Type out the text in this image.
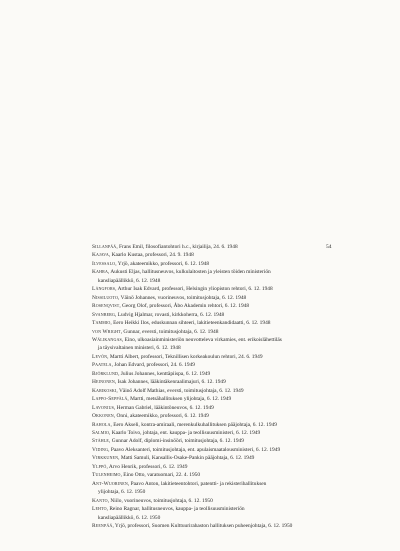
54
Sillanpää, Frans Emil, filosofiantohtori h.c., kirjailija, 24. 6. 1948
Kajava, Kaarlo Kustaa, professori, 24. 9. 1948
Ilvessalo, Yrjö, akateemikko, professori, 6. 12. 1948
Kahra, Aukusti Eljas, hallitusneuvos, kulkulaitosten ja yleisten töiden ministeriön
kansliapäällikkö, 6. 12. 1948
Långfors, Arthur Isak Edvard, professori, Helsingin yliopiston rehtori, 6. 12. 1948
Nissiluoto, Väinö Johannes, vuorineuvos, toimitusjohtaja, 6. 12. 1948
Rosenqvist, Georg Olof, professori, Åbo Akademin rehtori, 6. 12. 1948
Svanberg, Ludvig Hjalmar, rovasti, kirkkoherra, 6. 12. 1948
Tammio, Eero Heikki Ilos, eduskunnan sihteeri, lakitieteenkandidaatti, 6. 12. 1948
von Wright, Gunnar, eversti, toimitusjohtaja, 6. 12. 1948
Wälikangas, Eino, ulkoasiainministeriön neuvotteleva virkamies, ent. erikoislähettiläs
ja täysivaltainen ministeri, 6. 12. 1948
Levón, Martti Albert, professori, Teknillisen korkeakoulun rehtori, 24. 6. 1949
Paatela, Johan Edvard, professori, 24. 6. 1949
Björklund, Julius Johannes, kenttäpiispa, 6. 12. 1949
Heinonen, Isak Johannes, lääkintäkenraalimajuri, 6. 12. 1949
Karikoski, Väinö Adolf Mathias, eversti, toimitusjohtaja, 6. 12. 1949
Lappo-Seppälä, Martti, metsähallituksen ylijohtaja, 6. 12. 1949
Lavonius, Herman Gabriel, lääkintöneuvos, 6. 12. 1949
Okkonen, Onni, akateemikko, professori, 6. 12. 1949
Rahola, Eero Akseli, kontra-amiraali, merenkulkuhallituksen pääjohtaja, 6. 12. 1949
Salmio, Kaarlo Toivo, johtaja, ent. kauppa- ja teollisuusministeri, 6. 12. 1949
Ståhle, Gunnar Adolf, diplomi-insinööri, toimitusjohtaja, 6. 12. 1949
Viding, Paavo Aleksanteri, toimitusjohtaja, ent. apulaismaatalousministeri, 6. 12. 1949
Virkkunen, Matti Samuli, Kansallis-Osake-Pankin pääjohtaja, 6. 12. 1949
Ylppö, Arvo Henrik, professori, 6. 12. 1949
Tulenheimo, Eino Otto, varatuomari, 22. 4. 1950
Ant-Wuorinen, Paavo Anton, lakitieteentohtori, patentti- ja rekisterihallituksen
ylijohtaja, 6. 12. 1950
Kanto, Niilo, vuorineuvos, toimitusjohtaja, 6. 12. 1950
Lehto, Reino Ragnar, hallitusneuvos, kauppa- ja teollisuusministeriön
kansliapäällikkö, 6. 12. 1950
Reenpää, Yrjö, professori, Suomen Kulttuurirahaston hallituksen puheenjohtaja, 6. 12. 1950
